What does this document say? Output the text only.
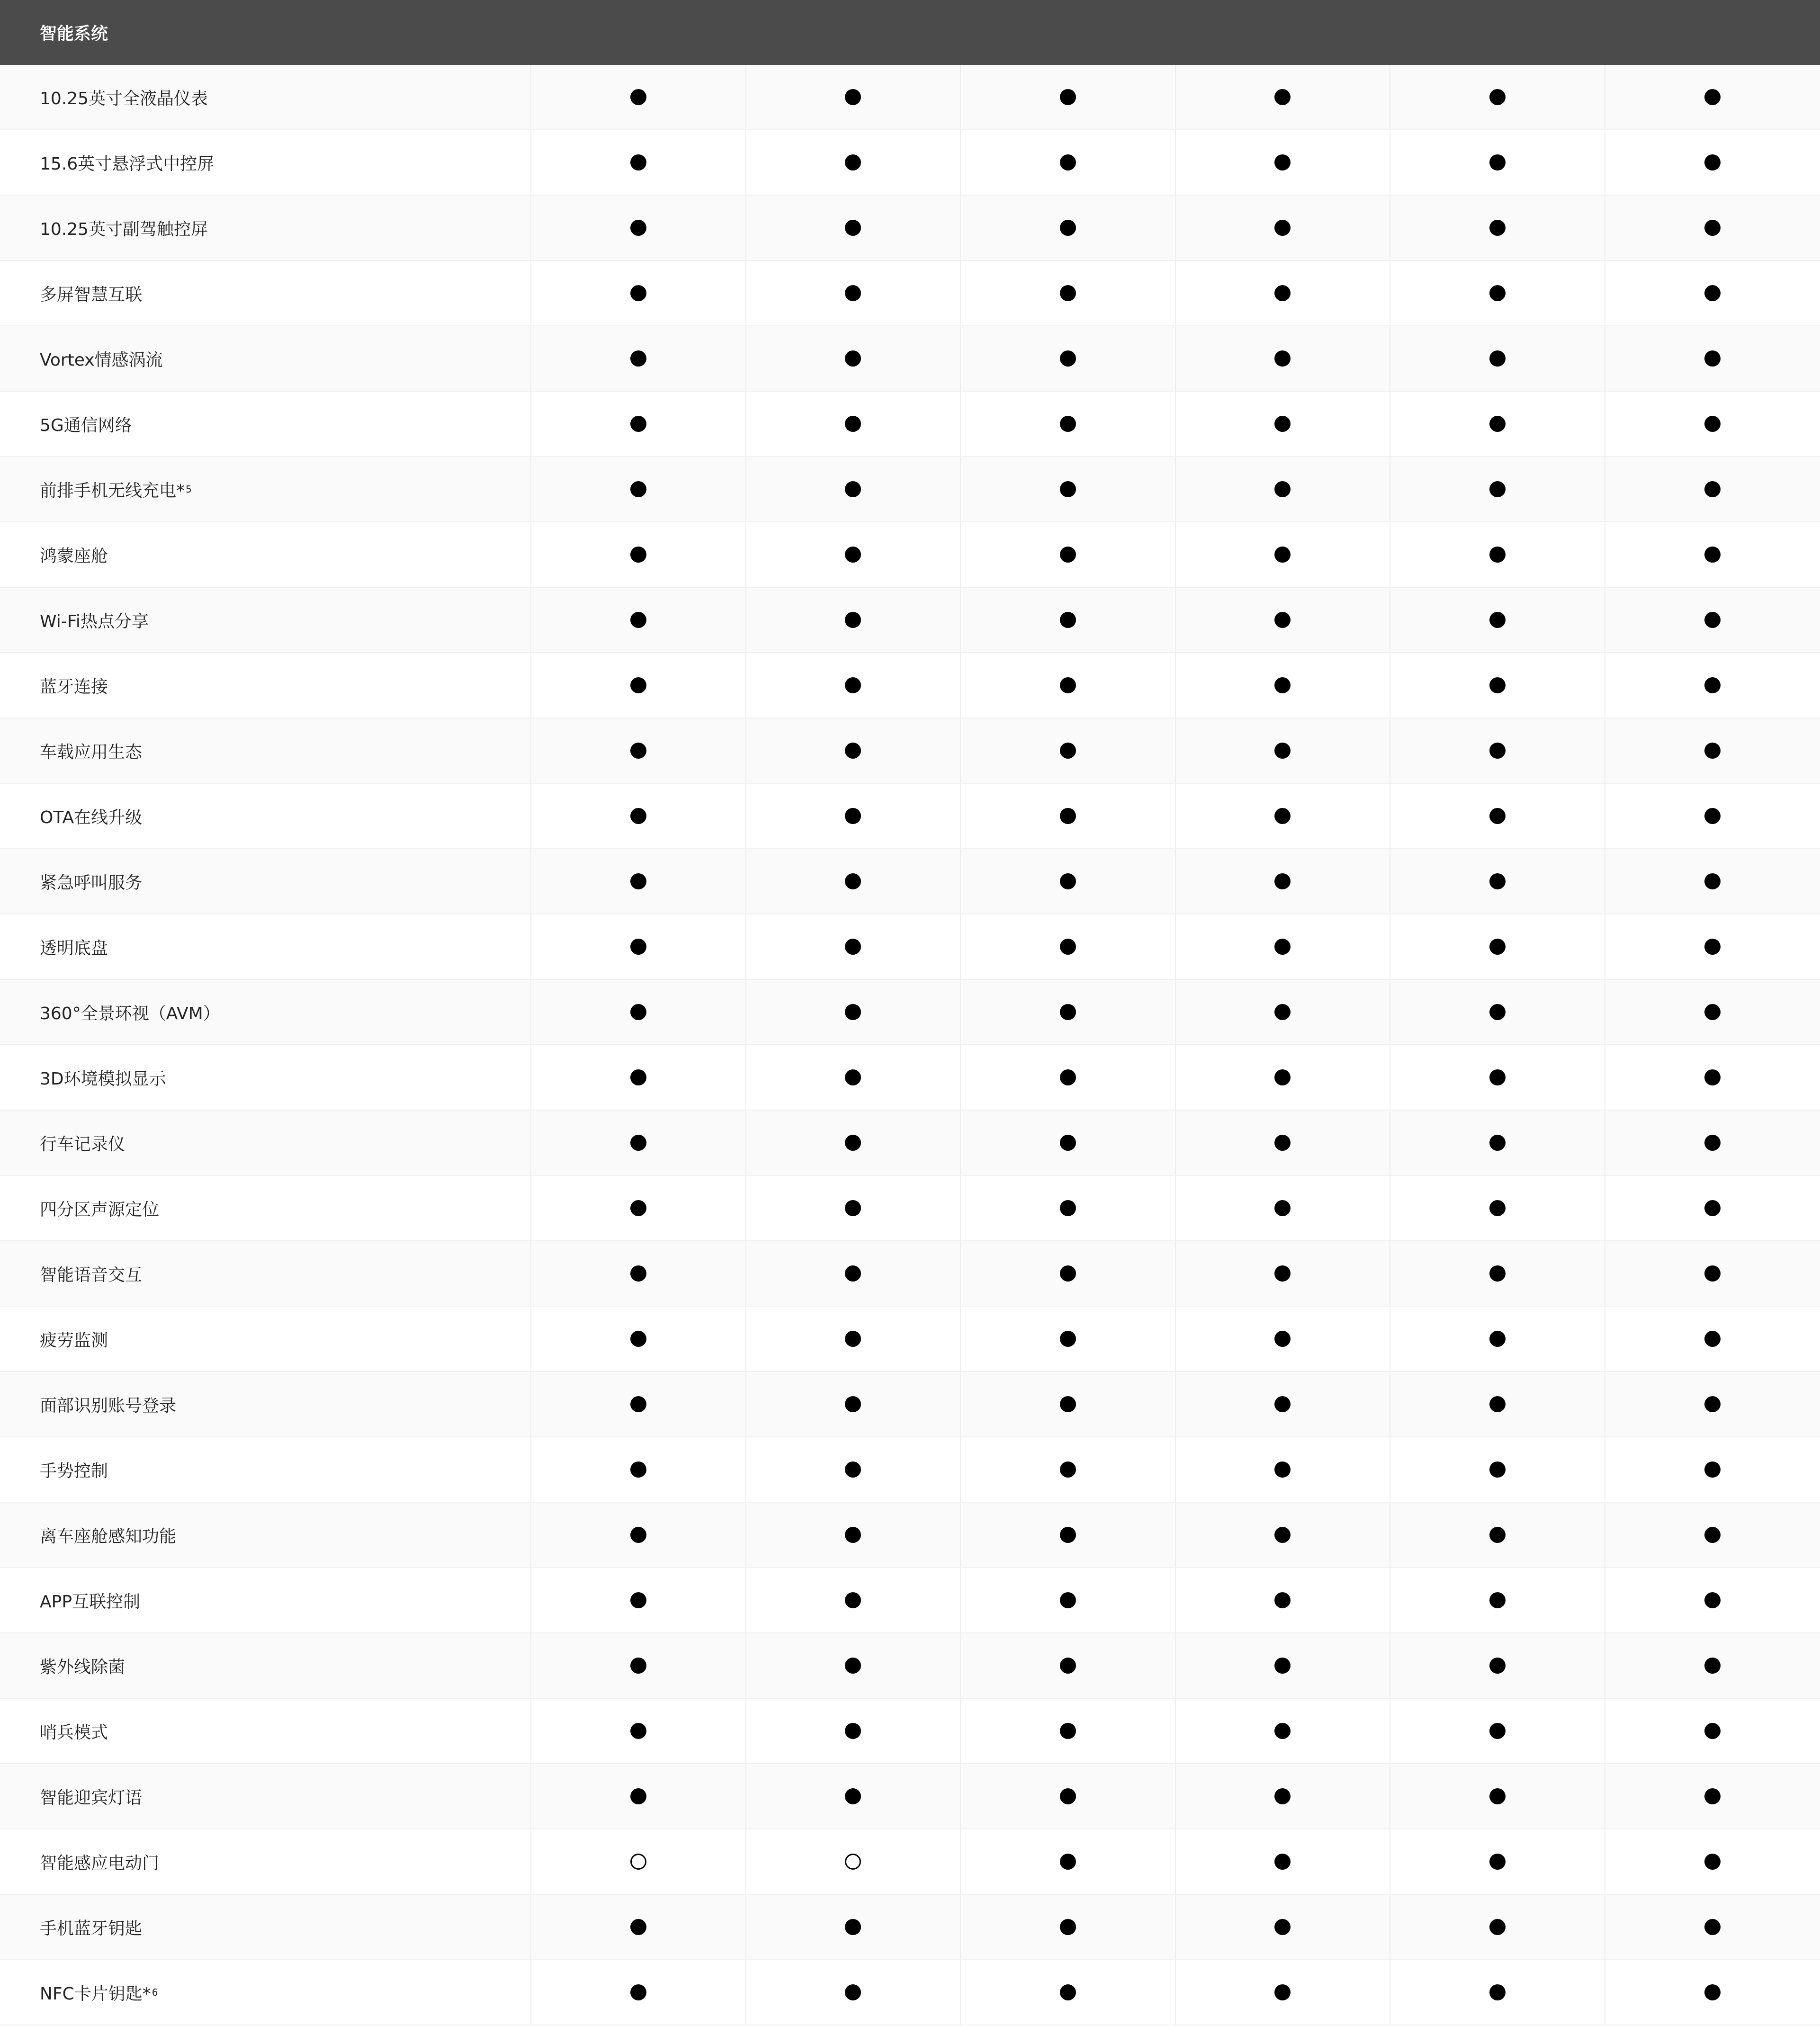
智能系统
10.25英寸全液晶仪表
15.6英寸悬浮式中控屏
10.25英寸副驾触控屏
多屏智慧互联
Vortex情感涡流
5G通信网络
前排手机无线充电* 5
鸿蒙座舱
Wi-Fi热点分享
蓝牙连接
车载应用生态
OTA在线升级
紧急呼叫服务
透明底盘
360°全景环视（AVM）
3D环境模拟显示
行车记录仪
四分区声源定位
智能语音交互
疲劳监测
面部识别账号登录
手势控制
离车座舱感知功能
APP互联控制
紫外线除菌
哨兵模式
智能迎宾灯语
智能感应电动门
手机蓝牙钥匙
NFC卡片钥匙* 6
